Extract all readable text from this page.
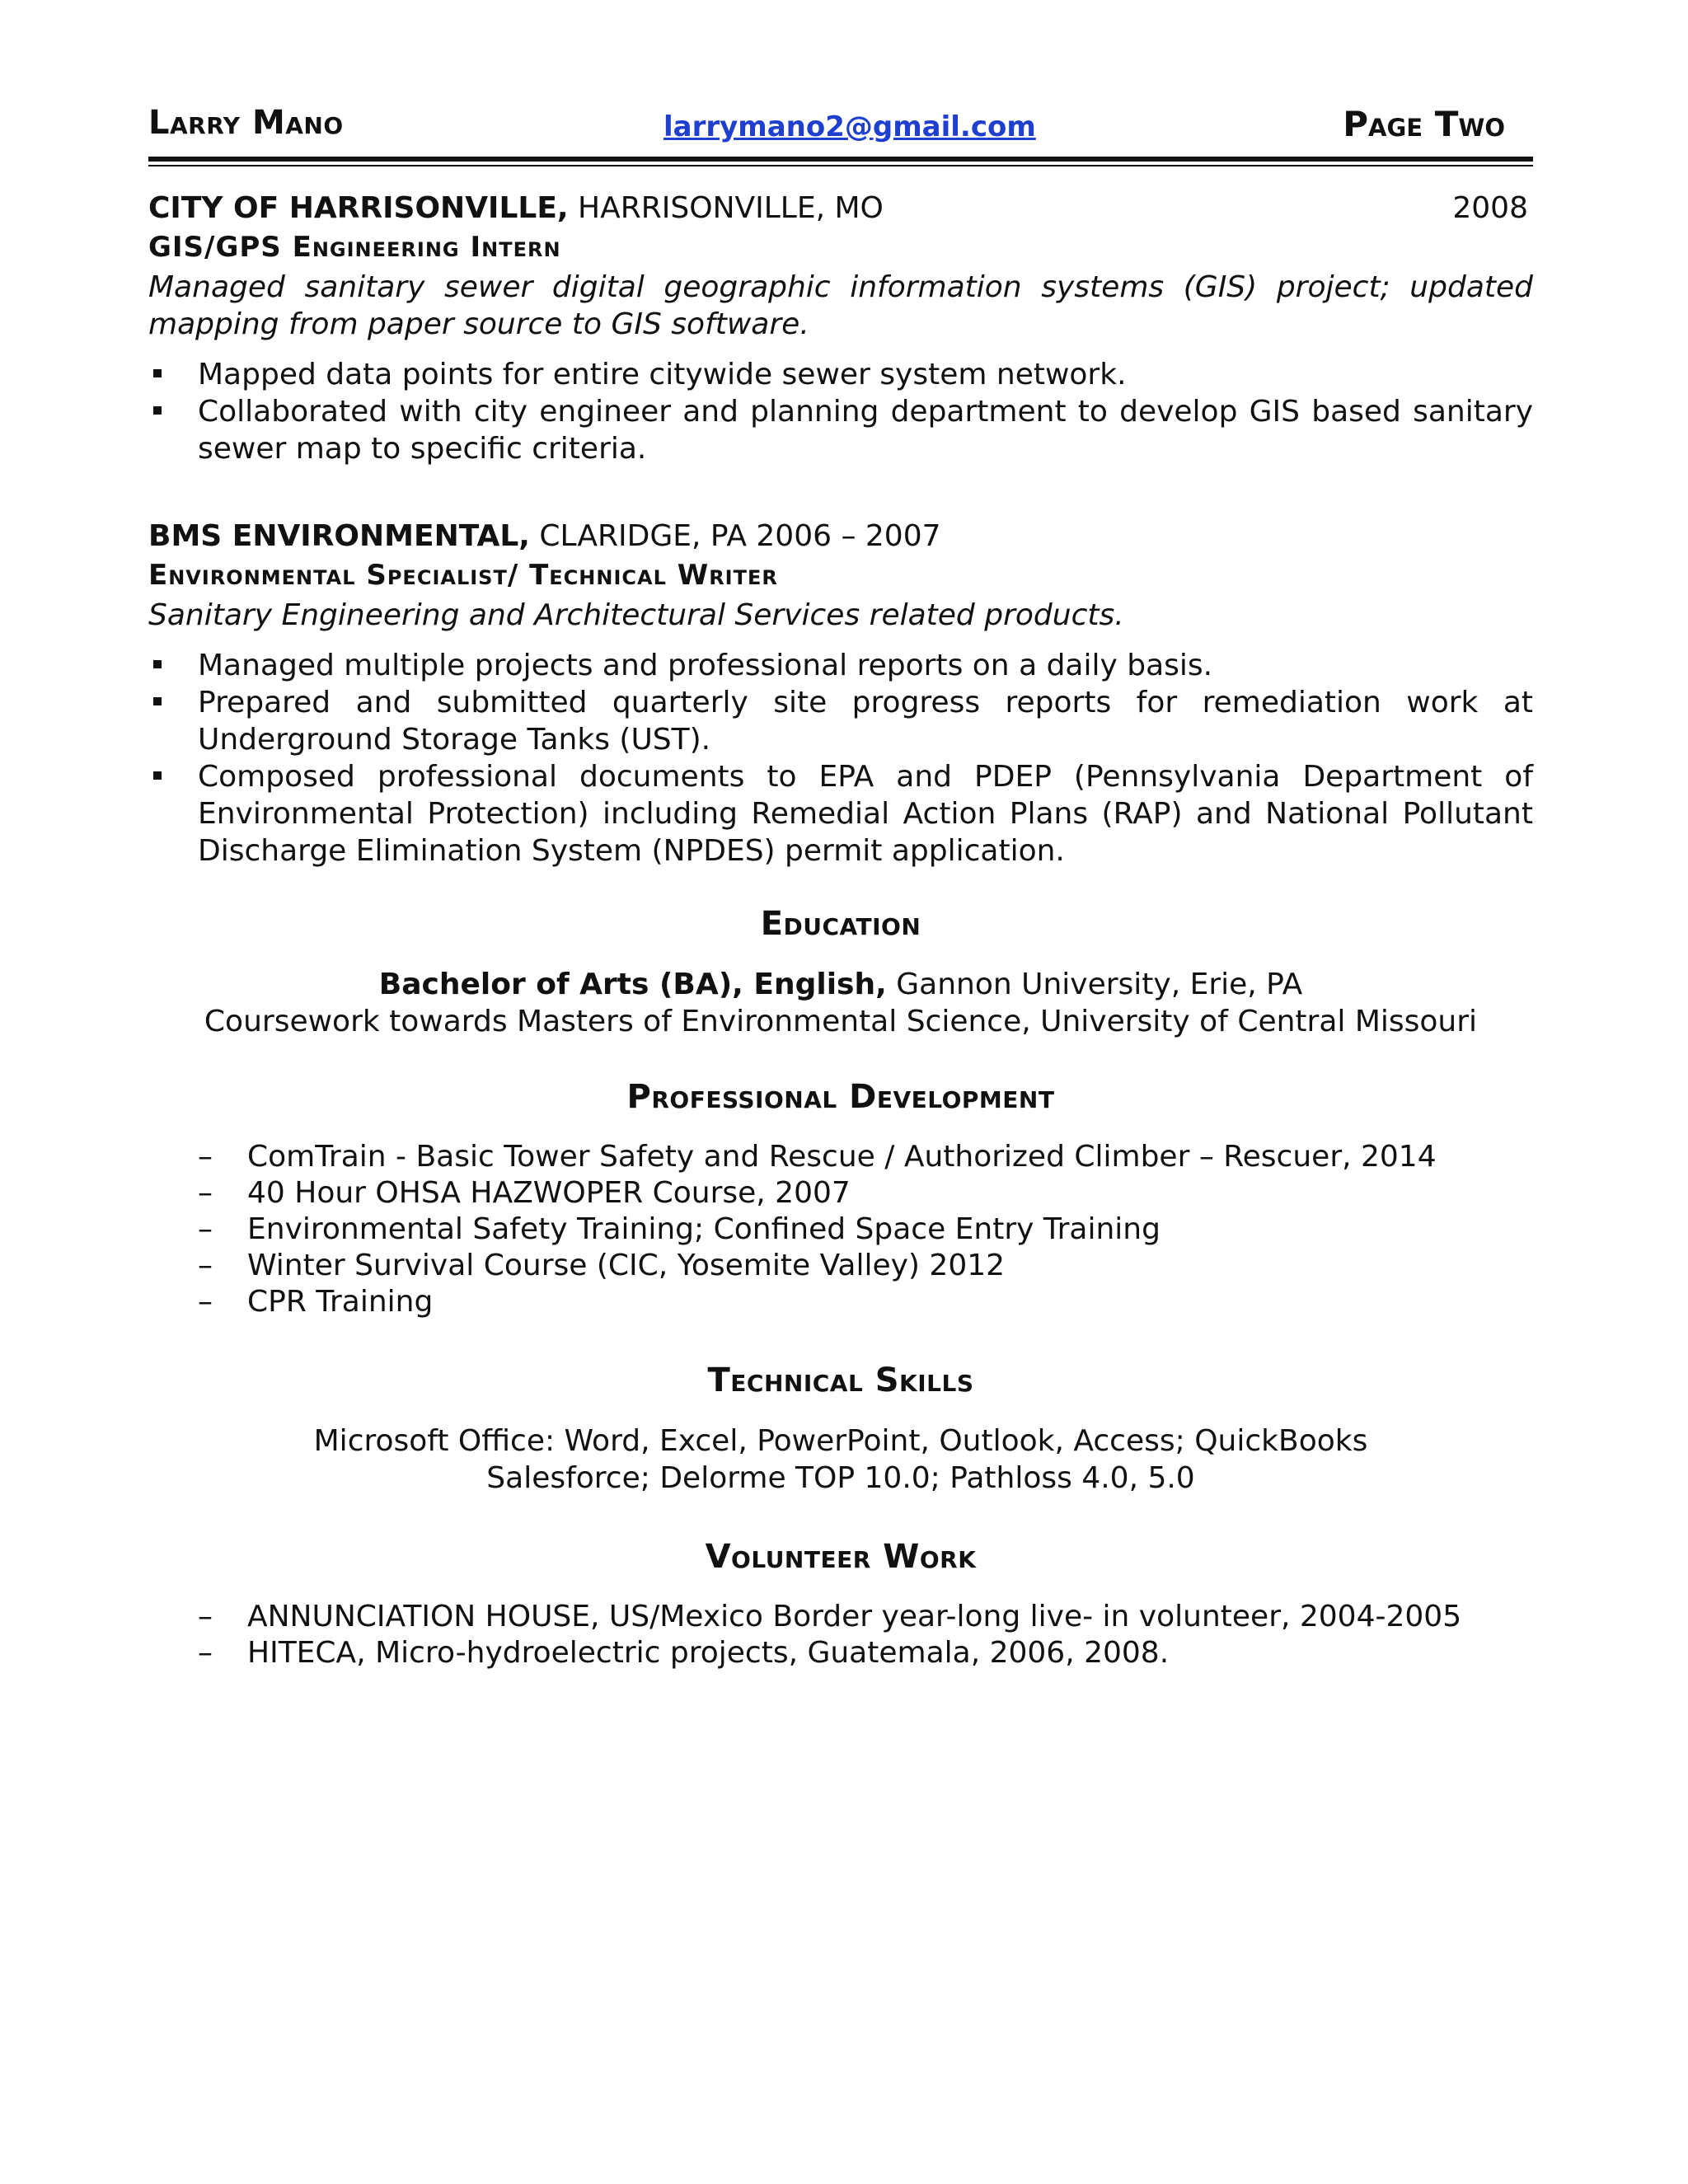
Larry Mano	larrymano2@gmail.com	Page Two
CITY OF HARRISONVILLE, HARRISONVILLE, MO	2008
GIS/GPS Engineering Intern
Managed sanitary sewer digital geographic information systems (GIS) project; updated mapping from paper source to GIS software.
Mapped data points for entire citywide sewer system network.
Collaborated with city engineer and planning department to develop GIS based sanitary sewer map to specific criteria.
BMS ENVIRONMENTAL, CLARIDGE, PA 2006 – 2007
Environmental Specialist/ Technical Writer
Sanitary Engineering and Architectural Services related products.
Managed multiple projects and professional reports on a daily basis.
Prepared and submitted quarterly site progress reports for remediation work at Underground Storage Tanks (UST).
Composed professional documents to EPA and PDEP (Pennsylvania Department of Environmental Protection) including Remedial Action Plans (RAP) and National Pollutant Discharge Elimination System (NPDES) permit application.
Education
Bachelor of Arts (BA), English, Gannon University, Erie, PA
Coursework towards Masters of Environmental Science, University of Central Missouri
Professional Development
– ComTrain - Basic Tower Safety and Rescue / Authorized Climber – Rescuer, 2014
– 40 Hour OHSA HAZWOPER Course, 2007
– Environmental Safety Training; Confined Space Entry Training
– Winter Survival Course (CIC, Yosemite Valley) 2012
– CPR Training
Technical Skills
Microsoft Office: Word, Excel, PowerPoint, Outlook, Access; QuickBooks
Salesforce; Delorme TOP 10.0; Pathloss 4.0, 5.0
Volunteer Work
– ANNUNCIATION HOUSE, US/Mexico Border year-long live- in volunteer, 2004-2005
– HITECA, Micro-hydroelectric projects, Guatemala, 2006, 2008.
